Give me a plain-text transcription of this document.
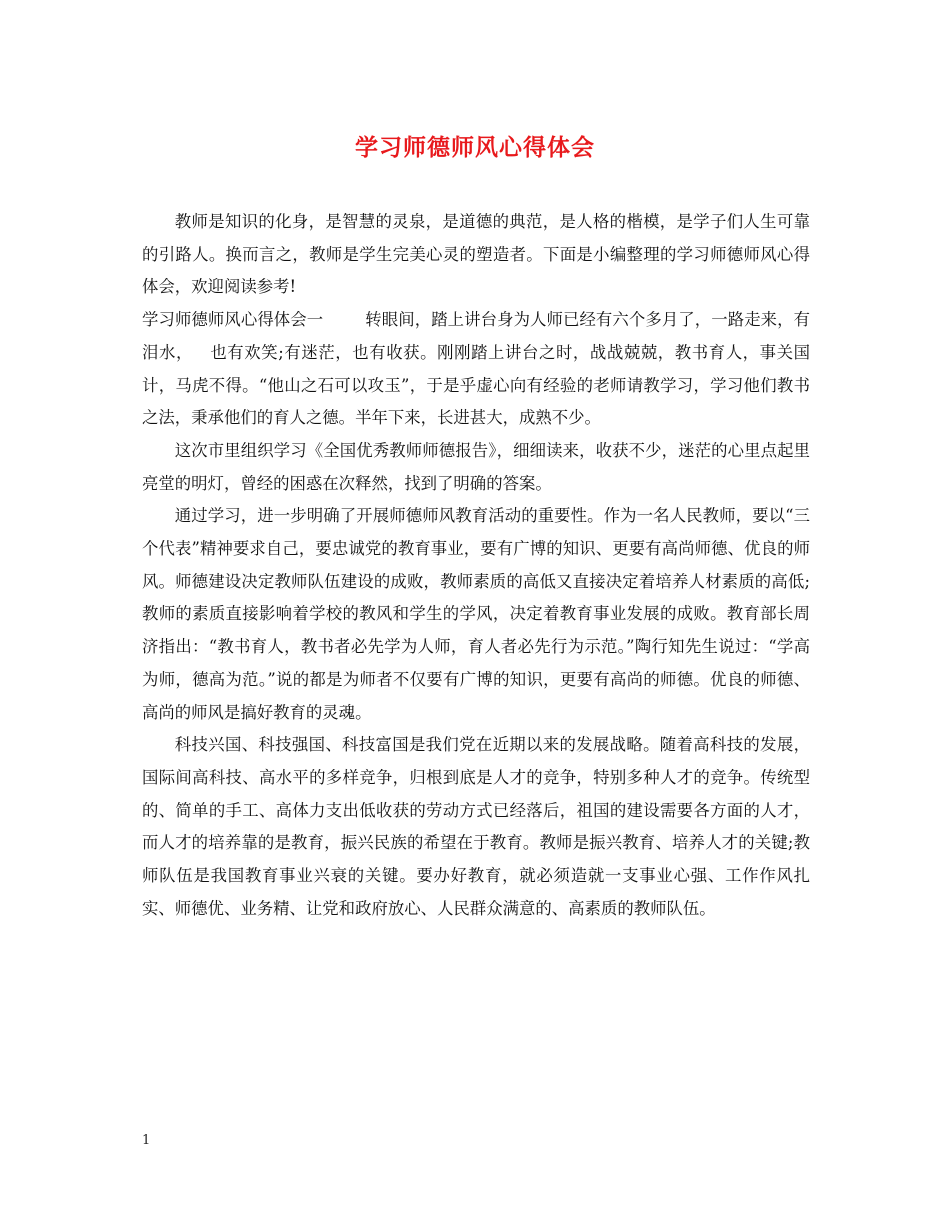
学习师德师风心得体会

教师是知识的化身，是智慧的灵泉，是道德的典范，是人格的楷模，是学子们人生可靠的引路人。换而言之，教师是学生完美心灵的塑造者。下面是小编整理的学习师德师风心得体会，欢迎阅读参考!

学习师德师风心得体会一	转眼间，踏上讲台身为人师已经有六个多月了，一路走来，有泪水， 也有欢笑;有迷茫，也有收获。刚刚踏上讲台之时，战战兢兢，教书育人，事关国计，马虎不得。“他山之石可以攻玉”，于是乎虚心向有经验的老师请教学习，学习他们教书之法，秉承他们的育人之德。半年下来，长进甚大，成熟不少。

这次市里组织学习《全国优秀教师师德报告》，细细读来，收获不少，迷茫的心里点起里亮堂的明灯，曾经的困惑在次释然，找到了明确的答案。

通过学习，进一步明确了开展师德师风教育活动的重要性。作为一名人民教师，要以“三个代表”精神要求自己，要忠诚党的教育事业，要有广博的知识、更要有高尚师德、优良的师风。师德建设决定教师队伍建设的成败，教师素质的高低又直接决定着培养人材素质的高低;教师的素质直接影响着学校的教风和学生的学风，决定着教育事业发展的成败。教育部长周济指出：“教书育人，教书者必先学为人师，育人者必先行为示范。”陶行知先生说过：“学高为师，德高为范。”说的都是为师者不仅要有广博的知识，更要有高尚的师德。优良的师德、高尚的师风是搞好教育的灵魂。

科技兴国、科技强国、科技富国是我们党在近期以来的发展战略。随着高科技的发展，国际间高科技、高水平的多样竞争，归根到底是人才的竞争，特别多种人才的竞争。传统型的、简单的手工、高体力支出低收获的劳动方式已经落后，祖国的建设需要各方面的人才，而人才的培养靠的是教育，振兴民族的希望在于教育。教师是振兴教育、培养人才的关键;教师队伍是我国教育事业兴衰的关键。要办好教育，就必须造就一支事业心强、工作作风扎实、师德优、业务精、让党和政府放心、人民群众满意的、高素质的教师队伍。

1
